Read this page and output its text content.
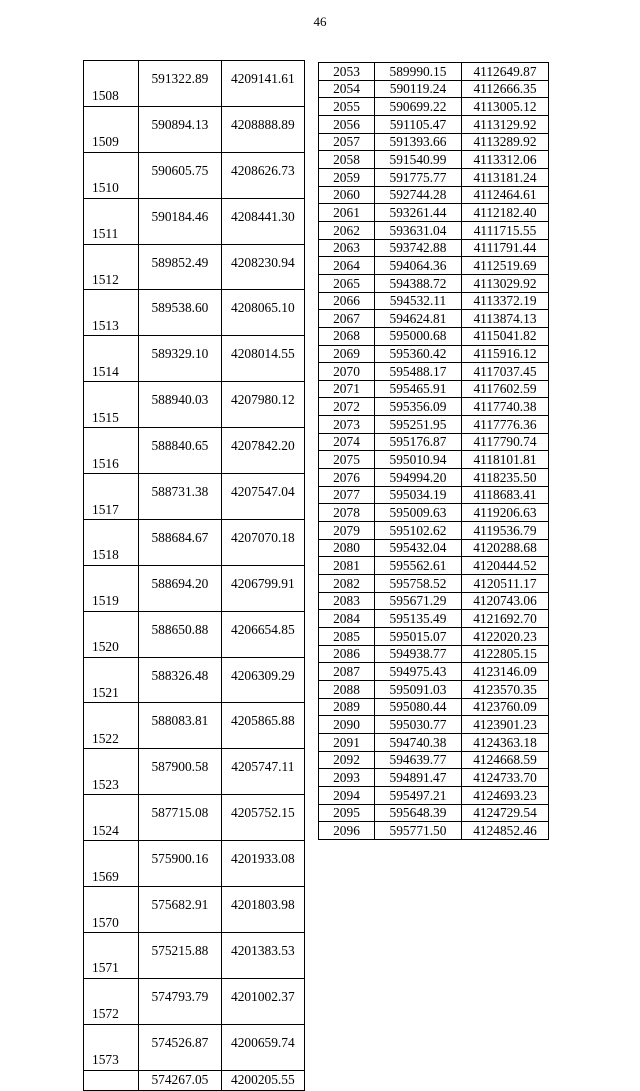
46
1508	591322.89	4209141.61
1509	590894.13	4208888.89
1510	590605.75	4208626.73
1511	590184.46	4208441.30
1512	589852.49	4208230.94
1513	589538.60	4208065.10
1514	589329.10	4208014.55
1515	588940.03	4207980.12
1516	588840.65	4207842.20
1517	588731.38	4207547.04
1518	588684.67	4207070.18
1519	588694.20	4206799.91
1520	588650.88	4206654.85
1521	588326.48	4206309.29
1522	588083.81	4205865.88
1523	587900.58	4205747.11
1524	587715.08	4205752.15
1569	575900.16	4201933.08
1570	575682.91	4201803.98
1571	575215.88	4201383.53
1572	574793.79	4201002.37
1573	574526.87	4200659.74
	574267.05	4200205.55
2053	589990.15	4112649.87
2054	590119.24	4112666.35
2055	590699.22	4113005.12
2056	591105.47	4113129.92
2057	591393.66	4113289.92
2058	591540.99	4113312.06
2059	591775.77	4113181.24
2060	592744.28	4112464.61
2061	593261.44	4112182.40
2062	593631.04	4111715.55
2063	593742.88	4111791.44
2064	594064.36	4112519.69
2065	594388.72	4113029.92
2066	594532.11	4113372.19
2067	594624.81	4113874.13
2068	595000.68	4115041.82
2069	595360.42	4115916.12
2070	595488.17	4117037.45
2071	595465.91	4117602.59
2072	595356.09	4117740.38
2073	595251.95	4117776.36
2074	595176.87	4117790.74
2075	595010.94	4118101.81
2076	594994.20	4118235.50
2077	595034.19	4118683.41
2078	595009.63	4119206.63
2079	595102.62	4119536.79
2080	595432.04	4120288.68
2081	595562.61	4120444.52
2082	595758.52	4120511.17
2083	595671.29	4120743.06
2084	595135.49	4121692.70
2085	595015.07	4122020.23
2086	594938.77	4122805.15
2087	594975.43	4123146.09
2088	595091.03	4123570.35
2089	595080.44	4123760.09
2090	595030.77	4123901.23
2091	594740.38	4124363.18
2092	594639.77	4124668.59
2093	594891.47	4124733.70
2094	595497.21	4124693.23
2095	595648.39	4124729.54
2096	595771.50	4124852.46
